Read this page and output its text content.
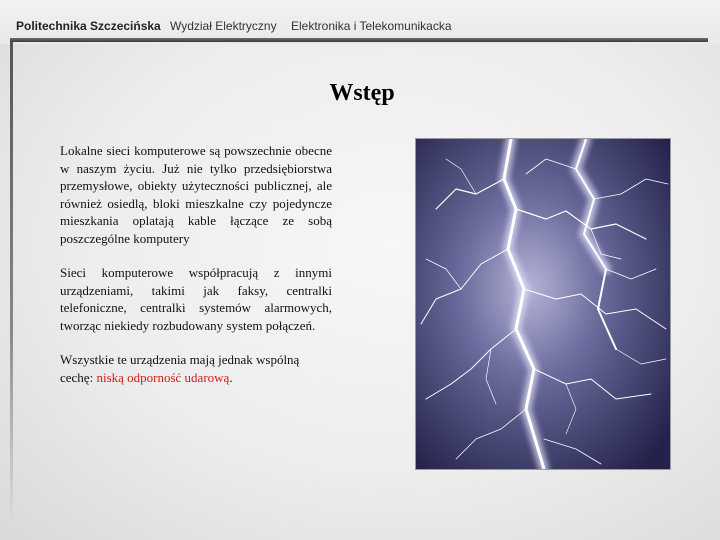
Politechnika Szczecińska Wydział Elektryczny Elektronika i Telekomunikacka
Wstęp

Lokalne sieci komputerowe są powszechnie obecne w naszym życiu. Już nie tylko przedsiębiorstwa przemysłowe, obiekty użyteczności publicznej, ale również osiedlą, bloki mieszkalne czy pojedyncze mieszkania oplatają kable łączące ze sobą poszczególne komputery

Sieci komputerowe współpracują z innymi urządzeniami, takimi jak faksy, centralki telefoniczne, centralki systemów alarmowych, tworząc niekiedy rozbudowany system połączeń.

Wszystkie te urządzenia mają jednak wspólną cechę: niską odporność udarową.
